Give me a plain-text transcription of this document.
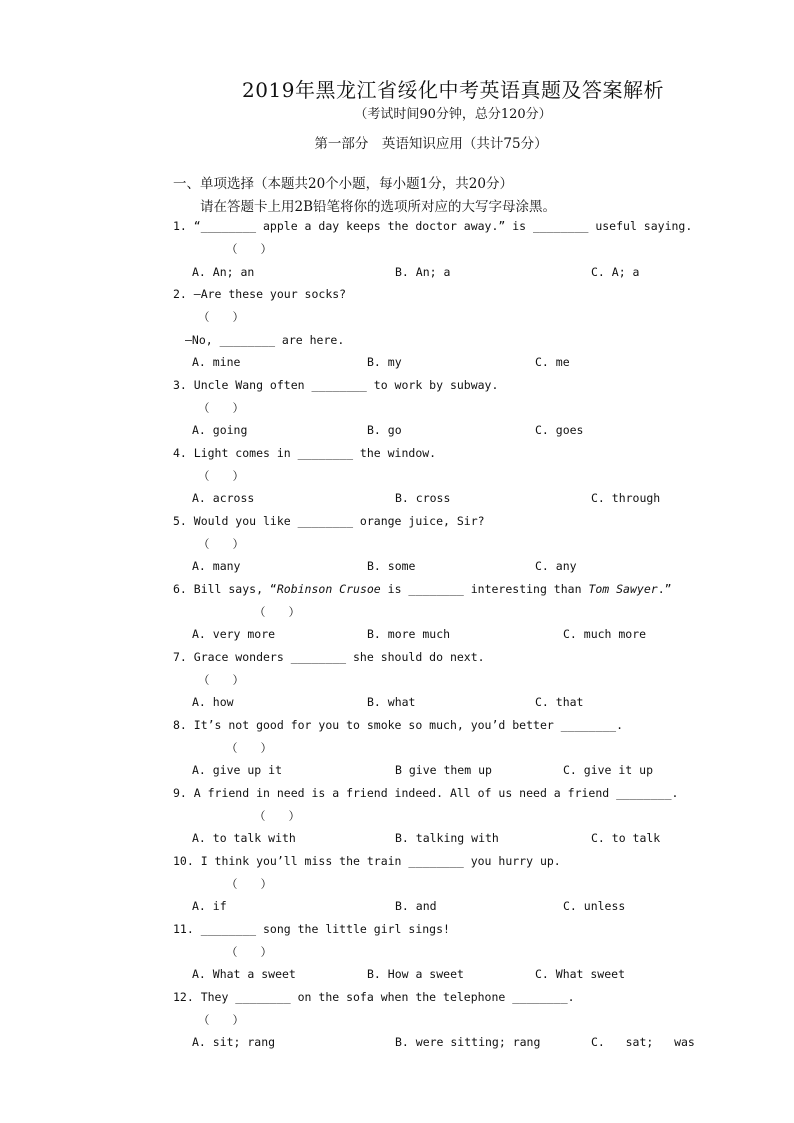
2019年黑龙江省绥化中考英语真题及答案解析
（考试时间90分钟，总分120分）
第一部分　英语知识应用（共计75分）
一、单项选择（本题共20个小题，每小题1分，共20分）
请在答题卡上用2B铅笔将你的选项所对应的大写字母涂黑。
1. “________ apple a day keeps the doctor away.” is ________ useful saying.
（　　）
A. An; an	B. An; a	C. A; a
2. —Are these your socks?
（　　）
—No, ________ are here.
A. mine	B. my	C. me
3. Uncle Wang often ________ to work by subway.
（　　）
A. going	B. go	C. goes
4. Light comes in ________ the window.
（　　）
A. across	B. cross	C. through
5. Would you like ________ orange juice, Sir?
（　　）
A. many	B. some	C. any
6. Bill says, “Robinson Crusoe is ________ interesting than Tom Sawyer.”
（　　）
A. very more	B. more much	C. much more
7. Grace wonders ________ she should do next.
（　　）
A. how	B. what	C. that
8. It’s not good for you to smoke so much, you’d better ________.
（　　）
A. give up it	B give them up	C. give it up
9. A friend in need is a friend indeed. All of us need a friend ________.
（　　）
A. to talk with	B. talking with	C. to talk
10. I think you’ll miss the train ________ you hurry up.
（　　）
A. if	B. and	C. unless
11. ________ song the little girl sings!
（　　）
A. What a sweet	B. How a sweet	C. What sweet
12. They ________ on the sofa when the telephone ________.
（　　）
A. sit; rang	B. were sitting; rang	C.   sat;   was
